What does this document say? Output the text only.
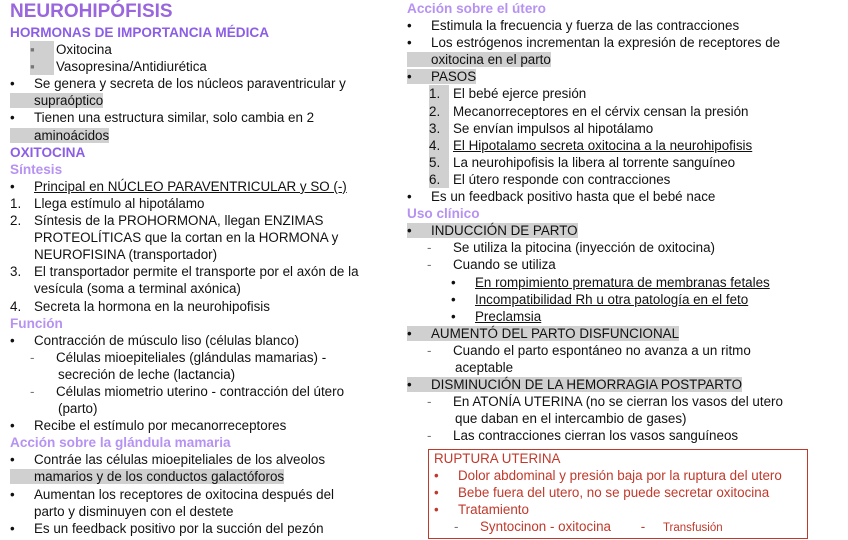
NEUROHIPÓFISIS
HORMONAS DE IMPORTANCIA MÉDICA
▪	Oxitocina
▪	Vasopresina/Antidiurética
•	Se genera y secreta de los núcleos paraventricular y
supraóptico
•	Tienen una estructura similar, solo cambia en 2
aminoácidos
OXITOCINA
Síntesis
•	Principal en NÚCLEO PARAVENTRICULAR y SO (-)
1. Llega estímulo al hipotálamo
2. Síntesis de la PROHORMONA, llegan ENZIMAS
PROTEOLÍTICAS que la cortan en la HORMONA y
NEUROFISINA (transportador)
3. El transportador permite el transporte por el axón de la
vesícula (soma a terminal axónica)
4. Secreta la hormona en la neurohipofisis
Función
•	Contracción de músculo liso (células blanco)
-	Células mioepiteliales (glándulas mamarias) -
secreción de leche (lactancia)
-	Células miometrio uterino - contracción del útero
(parto)
•	Recibe el estímulo por mecanorreceptores
Acción sobre la glándula mamaria
•	Contráe las células mioepiteliales de los alveolos
mamarios y de los conductos galactóforos
•	Aumentan los receptores de oxitocina después del
parto y disminuyen con el destete
•	Es un feedback positivo por la succión del pezón
Acción sobre el útero
•	Estimula la frecuencia y fuerza de las contracciones
•	Los estrógenos incrementan la expresión de receptores de
oxitocina en el parto
•	PASOS
1. El bebé ejerce presión
2. Mecanorreceptores en el cérvix censan la presión
3. Se envían impulsos al hipotálamo
4. El Hipotalamo secreta oxitocina a la neurohipofisis
5. La neurohipofisis la libera al torrente sanguíneo
6. El útero responde con contracciones
•	Es un feedback positivo hasta que el bebé nace
Uso clínico
•	INDUCCIÓN DE PARTO
-	Se utiliza la pitocina (inyección de oxitocina)
-	Cuando se utiliza
•	En rompimiento prematura de membranas fetales
•	Incompatibilidad Rh u otra patología en el feto
•	Preclamsia
•	AUMENTÓ DEL PARTO DISFUNCIONAL
-	Cuando el parto espontáneo no avanza a un ritmo
aceptable
•	DISMINUCIÓN DE LA HEMORRAGIA POSTPARTO
-	En ATONÍA UTERINA (no se cierran los vasos del utero
que daban en el intercambio de gases)
-	Las contracciones cierran los vasos sanguíneos
RUPTURA UTERINA
•	Dolor abdominal y presión baja por la ruptura del utero
•	Bebe fuera del utero, no se puede secretar oxitocina
•	Tratamiento
-	Syntocinon - oxitocina - Transfusión
